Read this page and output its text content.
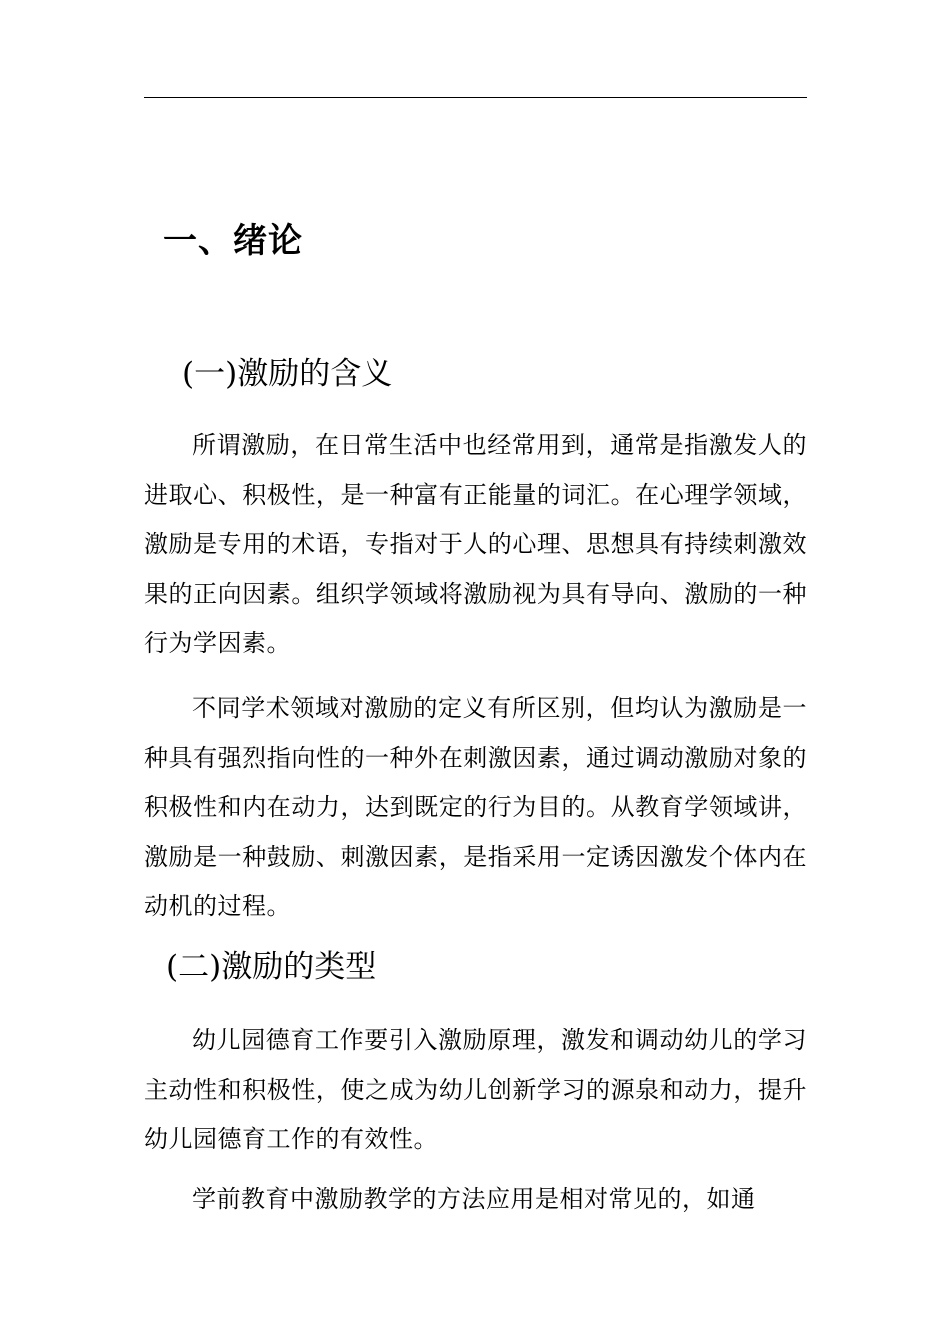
一、绪论
(一)激励的含义

所谓激励，在日常生活中也经常用到，通常是指激发人的进取心、积极性，是一种富有正能量的词汇。在心理学领域，激励是专用的术语，专指对于人的心理、思想具有持续刺激效果的正向因素。组织学领域将激励视为具有导向、激励的一种行为学因素。

不同学术领域对激励的定义有所区别，但均认为激励是一种具有强烈指向性的一种外在刺激因素，通过调动激励对象的积极性和内在动力，达到既定的行为目的。从教育学领域讲，激励是一种鼓励、刺激因素，是指采用一定诱因激发个体内在动机的过程。

(二)激励的类型

幼儿园德育工作要引入激励原理，激发和调动幼儿的学习主动性和积极性，使之成为幼儿创新学习的源泉和动力，提升幼儿园德育工作的有效性。

学前教育中激励教学的方法应用是相对常见的，如通
